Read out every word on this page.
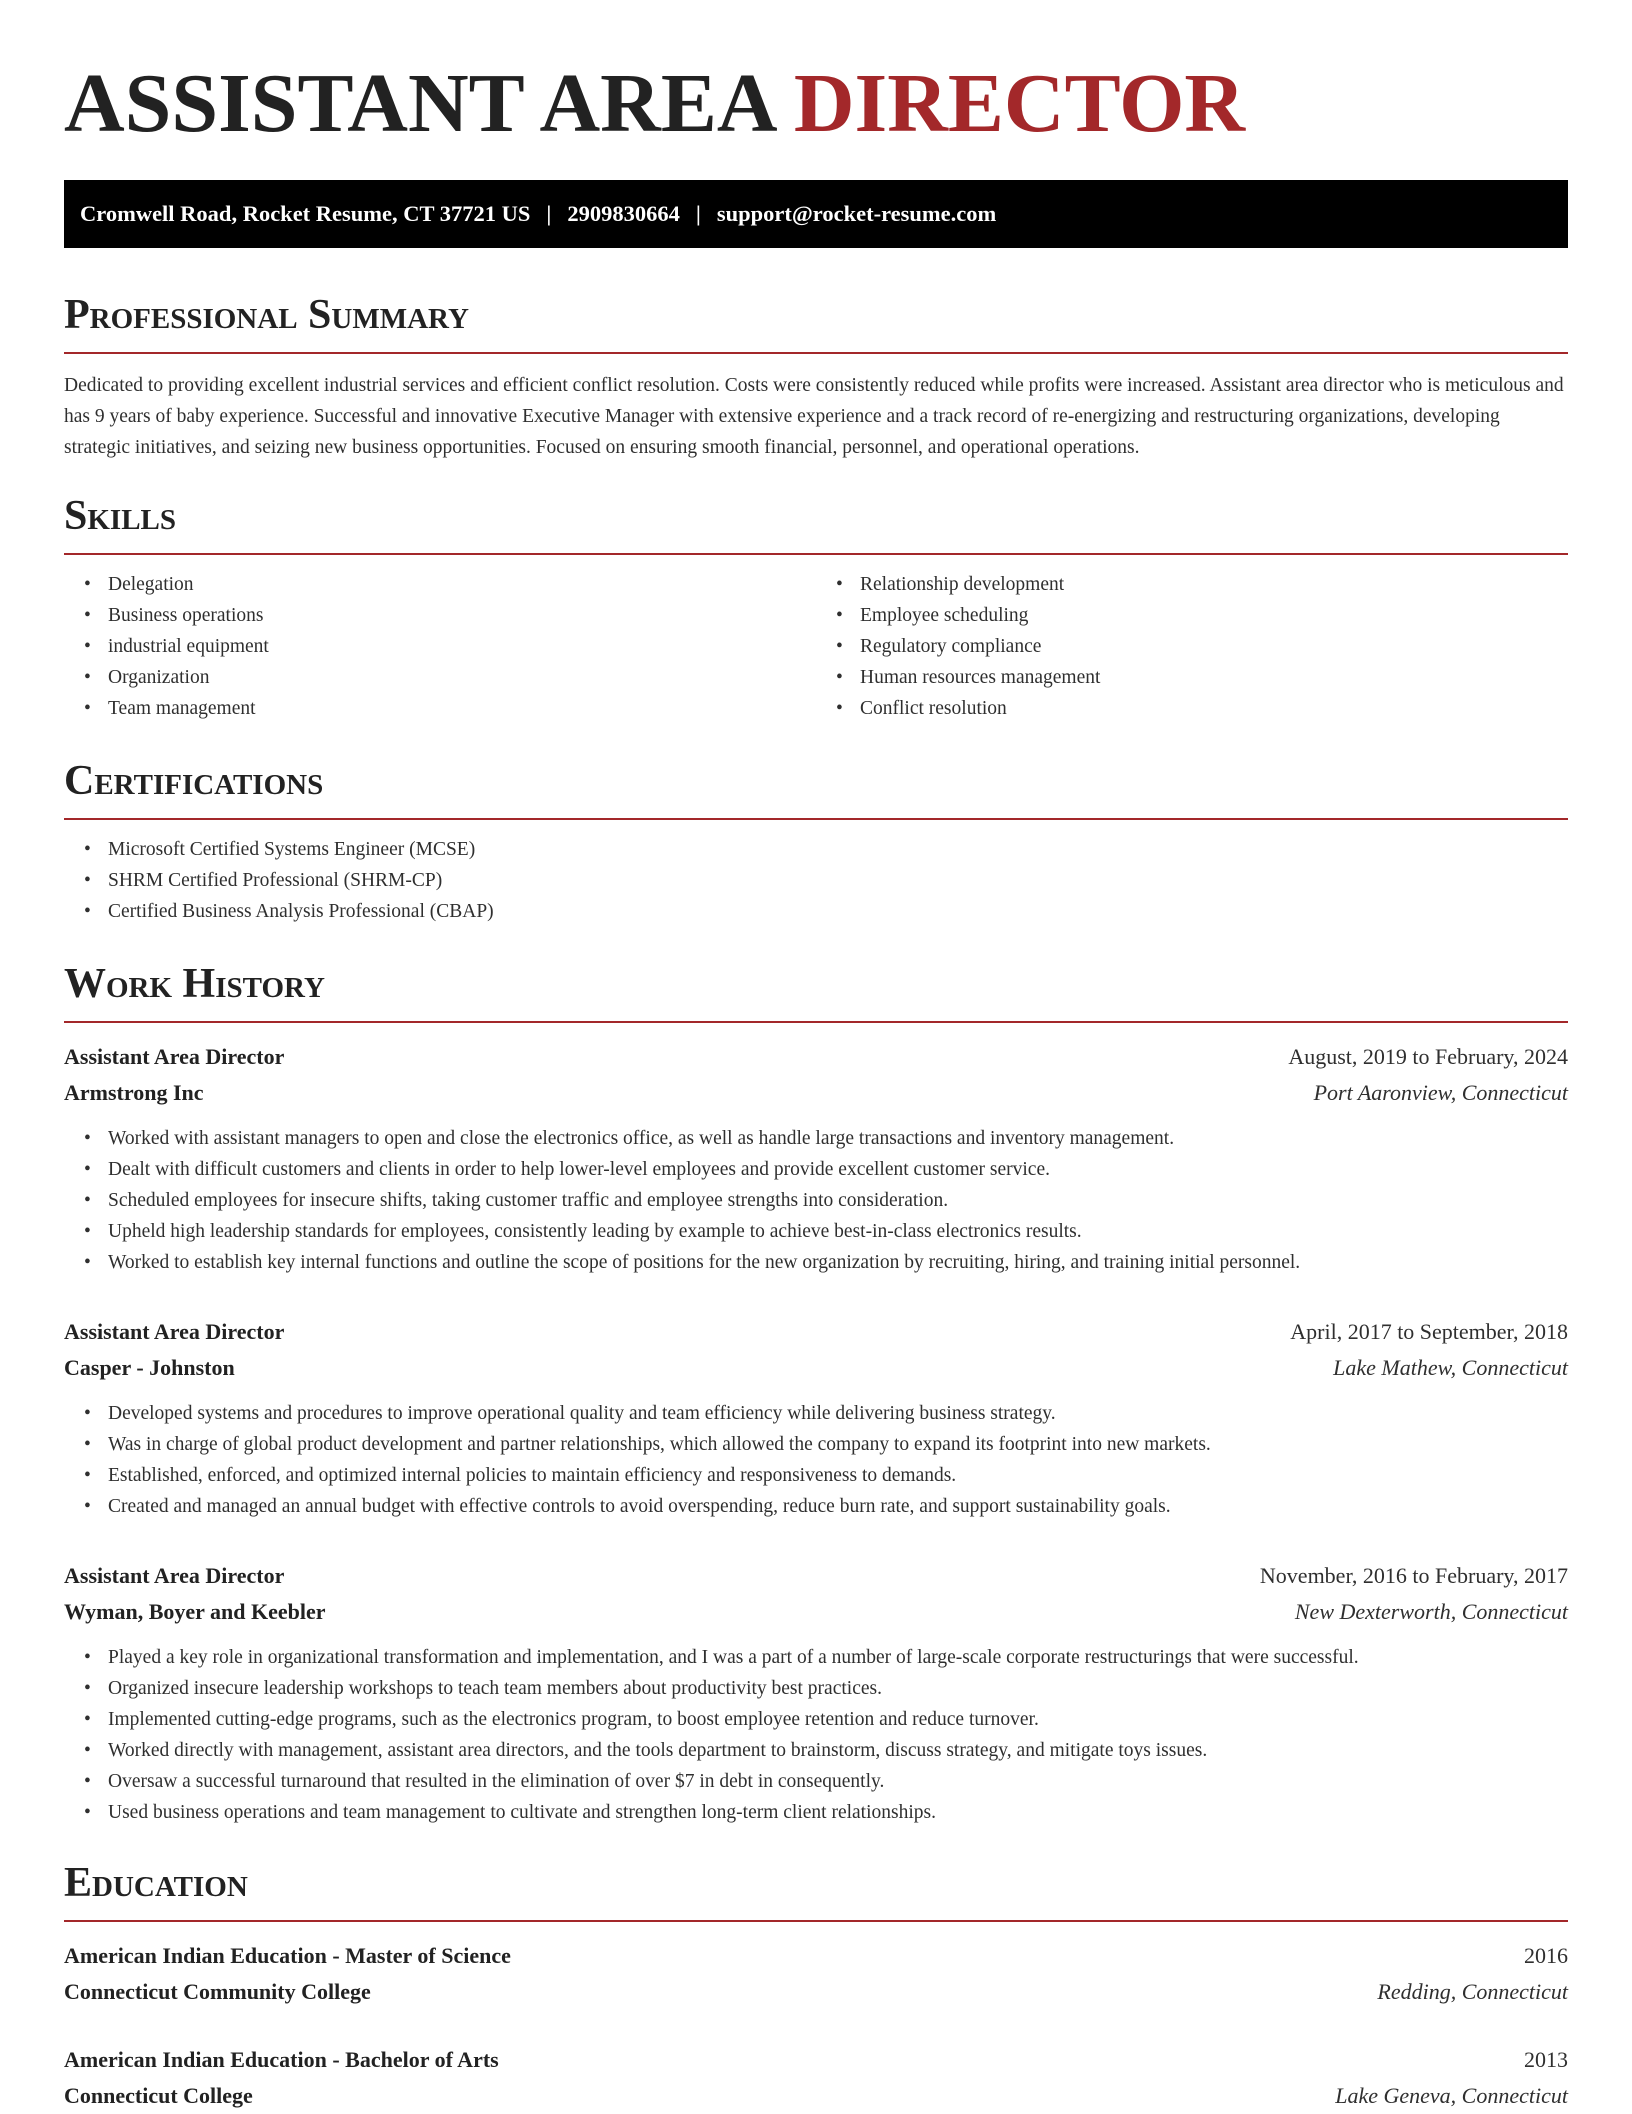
ASSISTANT AREA DIRECTOR
Cromwell Road, Rocket Resume, CT 37721 US | 2909830664 | support@rocket-resume.com
Professional Summary

Dedicated to providing excellent industrial services and efficient conflict resolution. Costs were consistently reduced while profits were increased. Assistant area director who is meticulous and has 9 years of baby experience. Successful and innovative Executive Manager with extensive experience and a track record of re-energizing and restructuring organizations, developing strategic initiatives, and seizing new business opportunities. Focused on ensuring smooth financial, personnel, and operational operations.

Skills
• Delegation
• Business operations
• industrial equipment
• Organization
• Team management
• Relationship development
• Employee scheduling
• Regulatory compliance
• Human resources management
• Conflict resolution
Certifications
• Microsoft Certified Systems Engineer (MCSE)
• SHRM Certified Professional (SHRM-CP)
• Certified Business Analysis Professional (CBAP)
Work History
Assistant Area Director	August, 2019 to February, 2024
Armstrong Inc	Port Aaronview, Connecticut
• Worked with assistant managers to open and close the electronics office, as well as handle large transactions and inventory management.
• Dealt with difficult customers and clients in order to help lower-level employees and provide excellent customer service.
• Scheduled employees for insecure shifts, taking customer traffic and employee strengths into consideration.
• Upheld high leadership standards for employees, consistently leading by example to achieve best-in-class electronics results.
• Worked to establish key internal functions and outline the scope of positions for the new organization by recruiting, hiring, and training initial personnel.
Assistant Area Director	April, 2017 to September, 2018
Casper - Johnston	Lake Mathew, Connecticut
• Developed systems and procedures to improve operational quality and team efficiency while delivering business strategy.
• Was in charge of global product development and partner relationships, which allowed the company to expand its footprint into new markets.
• Established, enforced, and optimized internal policies to maintain efficiency and responsiveness to demands.
• Created and managed an annual budget with effective controls to avoid overspending, reduce burn rate, and support sustainability goals.
Assistant Area Director	November, 2016 to February, 2017
Wyman, Boyer and Keebler	New Dexterworth, Connecticut
• Played a key role in organizational transformation and implementation, and I was a part of a number of large-scale corporate restructurings that were successful.
• Organized insecure leadership workshops to teach team members about productivity best practices.
• Implemented cutting-edge programs, such as the electronics program, to boost employee retention and reduce turnover.
• Worked directly with management, assistant area directors, and the tools department to brainstorm, discuss strategy, and mitigate toys issues.
• Oversaw a successful turnaround that resulted in the elimination of over $7 in debt in consequently.
• Used business operations and team management to cultivate and strengthen long-term client relationships.
Education
American Indian Education - Master of Science	2016
Connecticut Community College	Redding, Connecticut
American Indian Education - Bachelor of Arts	2013
Connecticut College	Lake Geneva, Connecticut
